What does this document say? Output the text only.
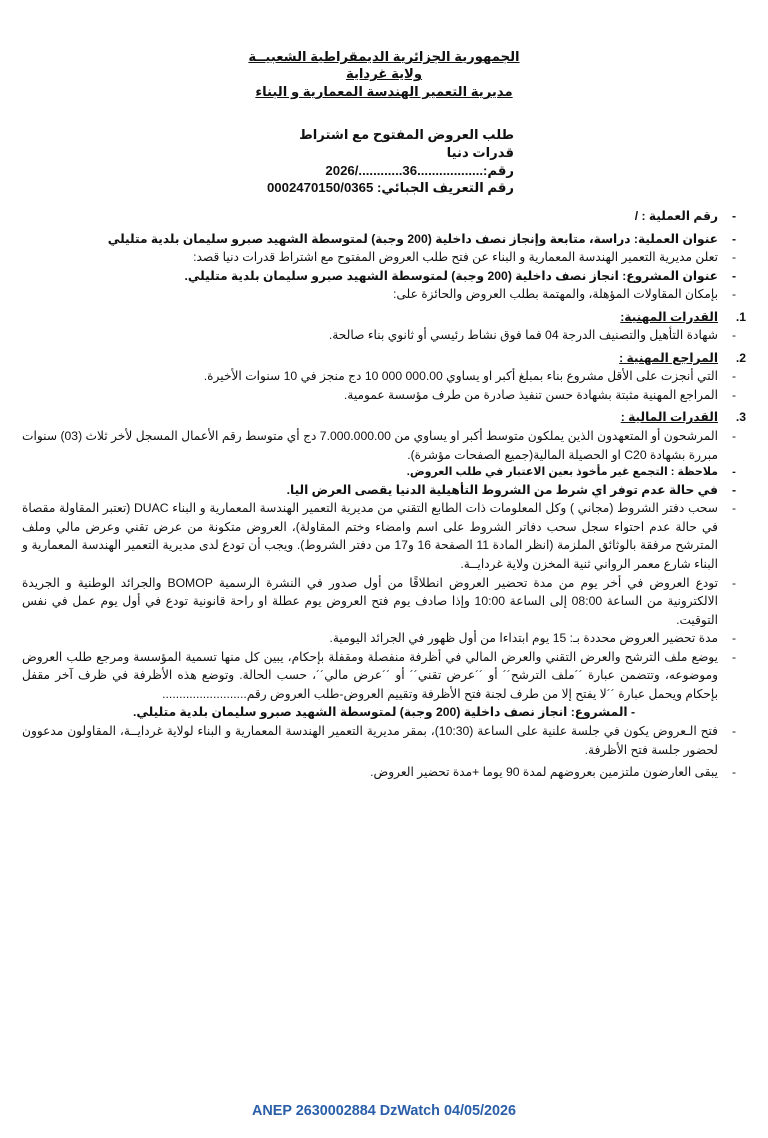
الجمهورية الجزائرية الديمقراطية الشعبيــة
ولاية غرداية
مديرية التعمير الهندسة المعمارية و البناء
طلب العروض المفتوح مع اشتراط قدرات دنيا
رقم:..................36............/2026
رقم التعريف الجبائي: 0002470150/0365
-
رقم العملية : /
-
عنوان العملية: دراسة، متابعة وإنجاز نصف داخلية (200 وجبة) لمتوسطة الشهيد صبرو سليمان بلدية متليلي
-
تعلن مديرية التعمير الهندسة المعمارية و البناء عن فتح طلب العروض المفتوح مع اشتراط قدرات دنيا قصد:
-
عنوان المشروع: انجاز نصف داخلية (200 وجبة) لمتوسطة الشهيد صبرو سليمان بلدية متليلي.
-
بإمكان المقاولات المؤهلة، والمهتمة بطلب العروض والحائزة على:
1.
القدرات المهنية:
-
شهادة التأهيل والتصنيف الدرجة 04 فما فوق نشاط رئيسي أو ثانوي بناء صالحة.
2.
المراجع المهنية :
-
التي أنجزت على الأقل مشروع بناء بمبلغ أكبر او يساوي 000.00 000 10 دج منجز في 10 سنوات الأخيرة.
-
المراجع المهنية مثبتة بشهادة حسن تنفيذ صادرة من طرف مؤسسة عمومية.
3.
القدرات المالية :
-
المرشحون أو المتعهدون الذين يملكون متوسط أكبر او يساوي من 7.000.000.00 دج أي متوسط رقم الأعمال المسجل لأخر ثلاث (03) سنوات مبررة بشهادة C20 او الحصيلة المالية(جميع الصفحات مؤشرة).
-
ملاحظة : التجمع غير مأخوذ بعين الاعتبار في طلب العروض.
-
في حالة عدم توفر اي شرط من الشروط التأهيلية الدنيا يقصى العرض اليا.
-
سحب دفتر الشروط (مجاني ) وكل المعلومات ذات الطابع التقني من مديرية التعمير الهندسة المعمارية و البناء DUAC (تعتبر المقاولة مقصاة في حالة عدم احتواء سجل سحب دفاتر الشروط على اسم وامضاء وختم المقاولة)، العروض متكونة من عرض تقني وعرض مالي وملف المترشح مرفقة بالوثائق الملزمة (انظر المادة 11 الصفحة 16 و17 من دفتر الشروط). ويجب أن تودع لدى مديرية التعمير الهندسة المعمارية و البناء شارع معمر الرواني ثنية المخزن ولاية غردايــة.
-
تودع العروض في أخر يوم من مدة تحضير العروض انطلاقًا من أول صدور في النشرة الرسمية BOMOP والجرائد الوطنية و الجريدة الالكترونية من الساعة 08:00 إلى الساعة 10:00 وإذا صادف يوم فتح العروض يوم عطلة او راحة قانونية تودع في أول يوم عمل في نفس التوقيت.
-
مدة تحضير العروض محددة بـ: 15 يوم ابتداءا من أول ظهور في الجرائد اليومية.
-
يوضع ملف الترشح والعرض التقني والعرض المالي في أظرفة منفصلة ومقفلة بإحكام، يبين كل منها تسمية المؤسسة ومرجع طلب العروض وموضوعه، وتتضمن عبارة ´´ملف الترشح´´ أو ´´عرض تقني´´ أو ´´عرض مالي´´، حسب الحالة. وتوضع هذه الأظرفة في ظرف آخر مقفل بإحكام ويحمل عبارة ´´لا يفتح إلا من طرف لجنة فتح الأظرفة وتقييم العروض-طلب العروض رقم.........................
- المشروع: انجاز نصف داخلية (200 وجبة) لمتوسطة الشهيد صبرو سليمان بلدية متليلي.
-
فتح الـعروض يكون في جلسة علنية على الساعة (10:30)، بمقر مديرية التعمير الهندسة المعمارية و البناء لولاية غردايــة، المقاولون مدعوون لحضور جلسة فتح الأظرفة.
-
يبقى العارضون ملتزمين بعروضهم لمدة 90 يوما +مدة تحضير العروض.
ANEP 2630002884 DzWatch 04/05/2026
